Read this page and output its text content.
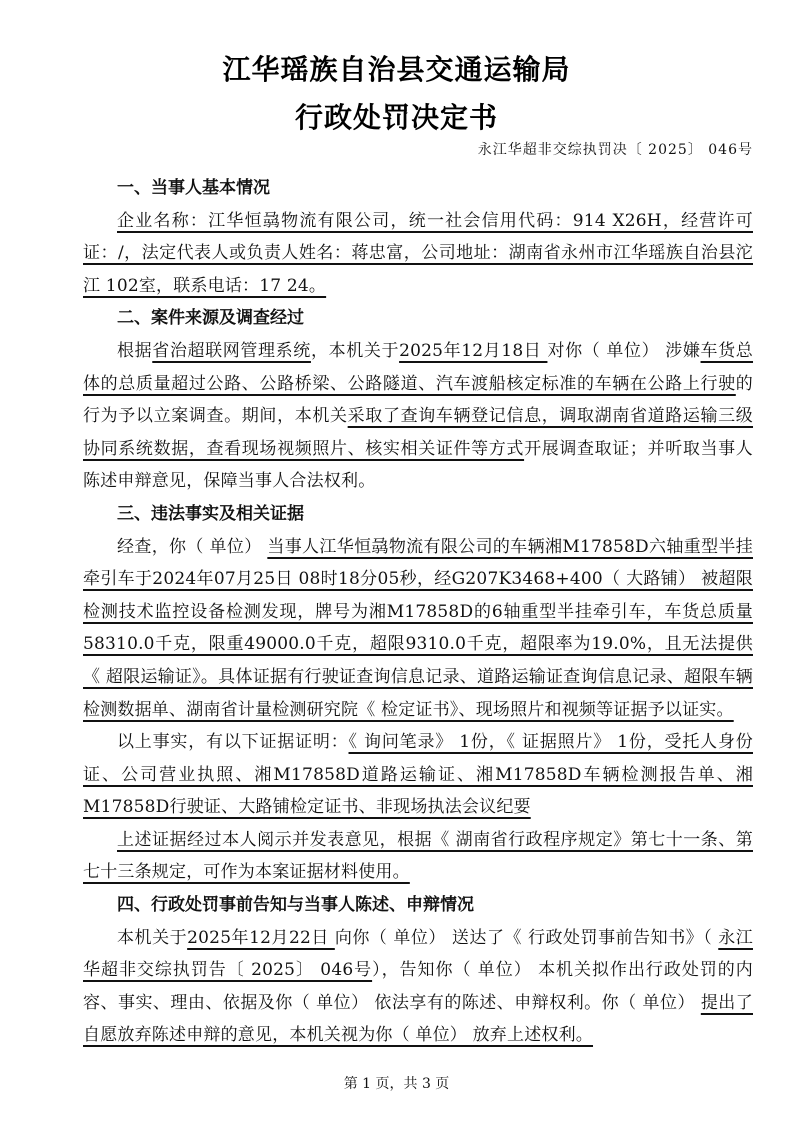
江华瑶族自治县交通运输局
行政处罚决定书
永江华超非交综执罚决〔 2025〕 046号
一、当事人基本情况
企业名称：江华恒骉物流有限公司，统一社会信用代码：914 X26H，经营许可证：/，法定代表人或负责人姓名：蒋忠富，公司地址：湖南省永州市江华瑶族自治县沱江 102室，联系电话：17 24。
二、案件来源及调查经过
根据省治超联网管理系统，本机关于2025年12月18日 对你（ 单位） 涉嫌车货总体的总质量超过公路、公路桥梁、公路隧道、汽车渡船核定标准的车辆在公路上行驶的行为予以立案调查。期间，本机关采取了查询车辆登记信息，调取湖南省道路运输三级协同系统数据，查看现场视频照片、核实相关证件等方式开展调查取证；并听取当事人陈述申辩意见，保障当事人合法权利。
三、违法事实及相关证据
经查，你（ 单位） 当事人江华恒骉物流有限公司的车辆湘M17858D六轴重型半挂牵引车于2024年07月25日 08时18分05秒，经G207K3468+400（ 大路铺） 被超限检测技术监控设备检测发现，牌号为湘M17858D的6轴重型半挂牵引车，车货总质量58310.0千克，限重49000.0千克，超限9310.0千克，超限率为19.0%，且无法提供《 超限运输证》。具体证据有行驶证查询信息记录、道路运输证查询信息记录、超限车辆检测数据单、湖南省计量检测研究院《 检定证书》、现场照片和视频等证据予以证实。
以上事实，有以下证据证明：《 询问笔录》 1份，《 证据照片》 1份，受托人身份证、公司营业执照、湘M17858D道路运输证、湘M17858D车辆检测报告单、湘M17858D行驶证、大路铺检定证书、非现场执法会议纪要
上述证据经过本人阅示并发表意见，根据《 湖南省行政程序规定》第七十一条、第七十三条规定，可作为本案证据材料使用。
四、行政处罚事前告知与当事人陈述、申辩情况
本机关于2025年12月22日 向你（ 单位） 送达了《 行政处罚事前告知书》（ 永江华超非交综执罚告〔 2025〕 046号），告知你（ 单位） 本机关拟作出行政处罚的内容、事实、理由、依据及你（ 单位） 依法享有的陈述、申辩权利。你（ 单位） 提出了自愿放弃陈述申辩的意见，本机关视为你（ 单位） 放弃上述权利。
第 1 页，共 3 页
